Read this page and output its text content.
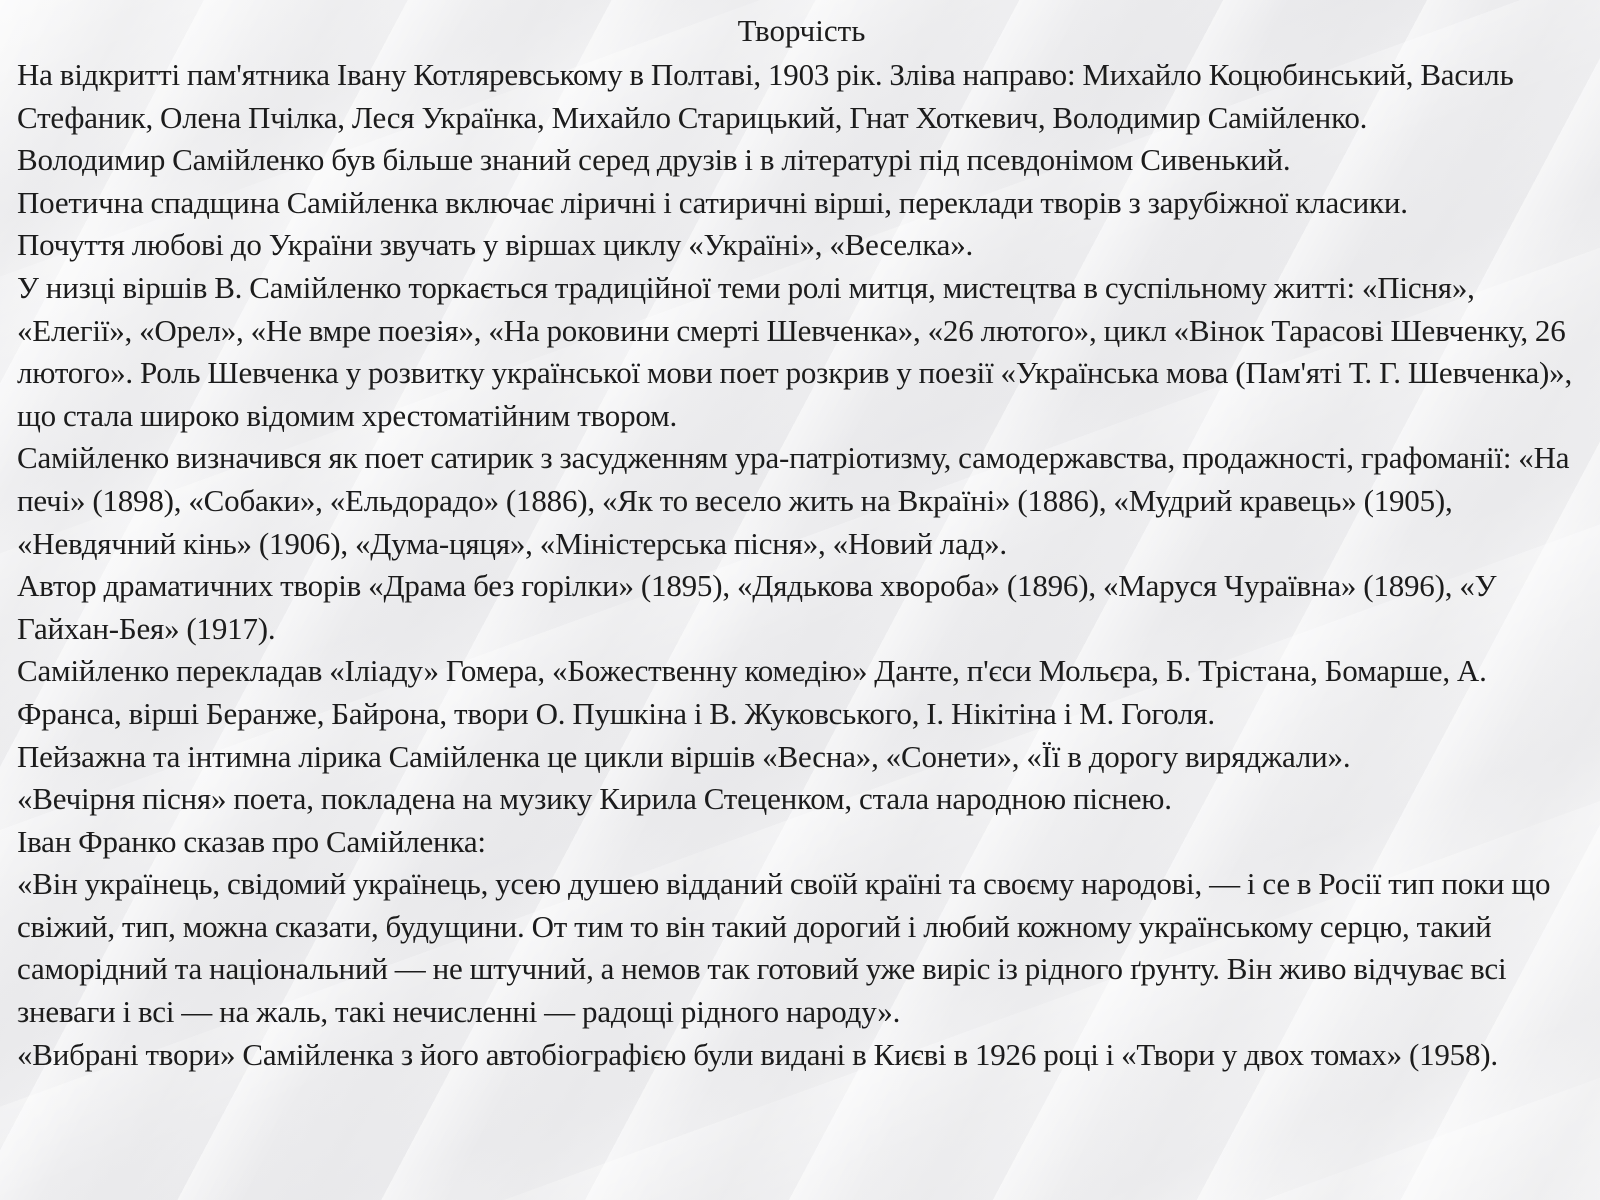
Творчість

На відкритті пам'ятника Івану Котляревському в Полтаві, 1903 рік. Зліва направо: Михайло Коцюбинський, Василь Стефаник, Олена Пчілка, Леся Українка, Михайло Старицький, Гнат Хоткевич, Володимир Самійленко.

Володимир Самійленко був більше знаний серед друзів і в літературі під псевдонімом Сивенький.

Поетична спадщина Самійленка включає ліричні і сатиричні вірші, переклади творів з зарубіжної класики.

Почуття любові до України звучать у віршах циклу «Україні», «Веселка».

У низці віршів В. Самійленко торкається традиційної теми ролі митця, мистецтва в суспільному житті: «Пісня», «Елегії», «Орел», «Не вмре поезія», «На роковини смерті Шевченка», «26 лютого», цикл «Вінок Тарасові Шевченку, 26 лютого». Роль Шевченка у розвитку української мови поет розкрив у поезії «Українська мова (Пам'яті Т. Г. Шевченка)», що стала широко відомим хрестоматійним твором.

Самійленко визначився як поет сатирик з засудженням ура-патріотизму, самодержавства, продажності, графоманії: «На печі» (1898), «Собаки», «Ельдорадо» (1886), «Як то весело жить на Вкраїні» (1886), «Мудрий кравець» (1905), «Невдячний кінь» (1906), «Дума-цяця», «Міністерська пісня», «Новий лад».

Автор драматичних творів «Драма без горілки» (1895), «Дядькова хвороба» (1896), «Маруся Чураївна» (1896), «У Гайхан-Бея» (1917).

Самійленко перекладав «Іліаду» Гомера, «Божественну комедію» Данте, п'єси Мольєра, Б. Трістана, Бомарше, А. Франса, вірші Беранже, Байрона, твори О. Пушкіна і В. Жуковського, І. Нікітіна і М. Гоголя.

Пейзажна та інтимна лірика Самійленка це цикли віршів «Весна», «Сонети», «Її в дорогу виряджали».

«Вечірня пісня» поета, покладена на музику Кирила Стеценком, стала народною піснею.

Іван Франко сказав про Самійленка:

«Він українець, свідомий українець, усею душею відданий своїй країні та своєму народові, — і се в Росії тип поки що свіжий, тип, можна сказати, будущини. От тим то він такий дорогий і любий кожному українському серцю, такий саморідний та національний — не штучний, а немов так готовий уже виріс із рідного ґрунту. Він живо відчуває всі зневаги і всі — на жаль, такі нечисленні — радощі рідного народу».

«Вибрані твори» Самійленка з його автобіографією були видані в Києві в 1926 році і «Твори у двох томах» (1958).
